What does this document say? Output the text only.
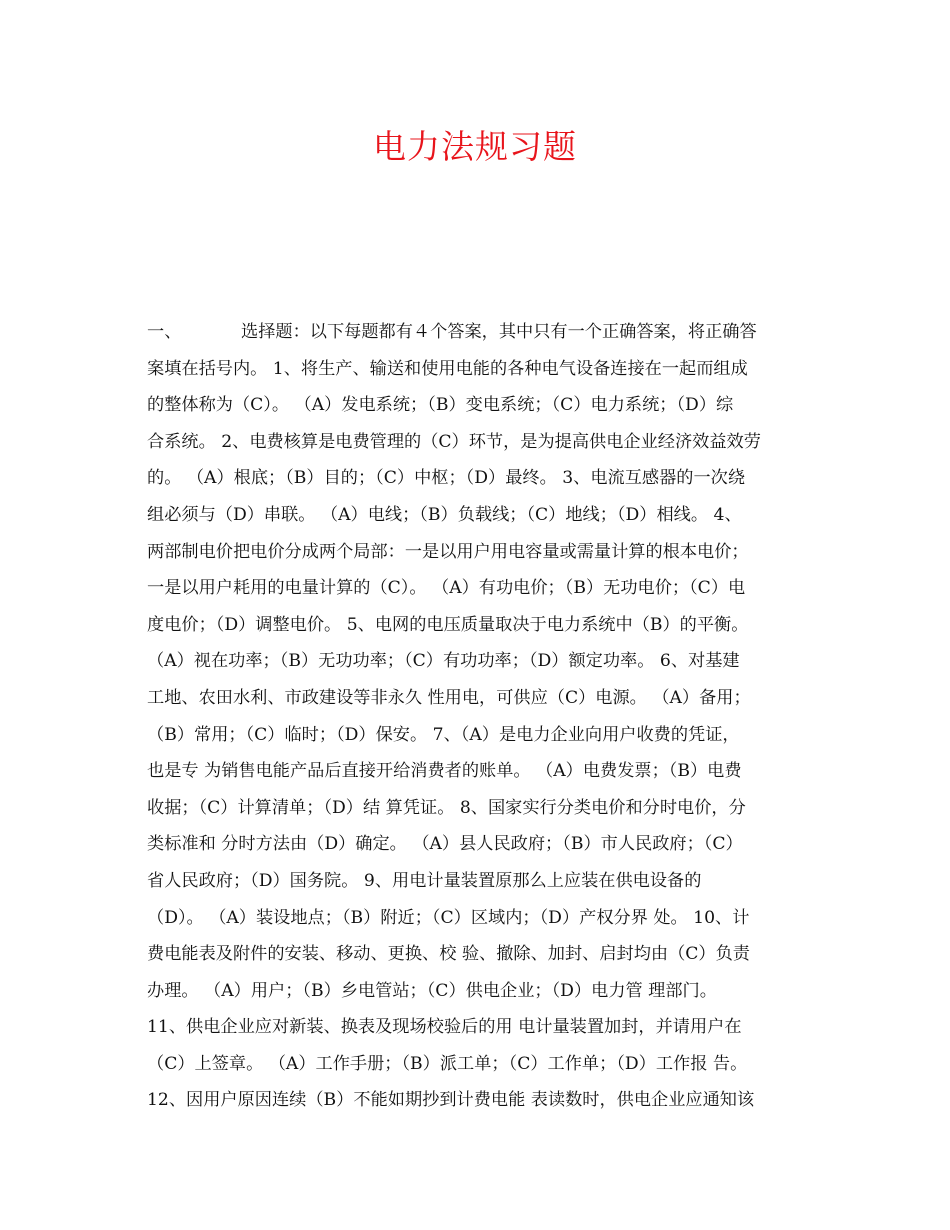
电力法规习题
一、	选择题：以下每题都有４个答案，其中只有一个正确答案，将正确答
案填在括号内。 1、将生产、输送和使用电能的各种电气设备连接在一起而组成
的整体称为（C）。 （A）发电系统；（B）变电系统；（C）电力系统；（D）综
合系统。 2、电费核算是电费管理的（C）环节，是为提高供电企业经济效益效劳
的。 （A）根底；（B）目的；（C）中枢；（D）最终。 3、电流互感器的一次绕
组必须与（D）串联。 （A）电线；（B）负载线；（C）地线；（D）相线。 4、
两部制电价把电价分成两个局部：一是以用户用电容量或需量计算的根本电价；
一是以用户耗用的电量计算的（C）。 （A）有功电价；（B）无功电价；（C）电
度电价；（D）调整电价。 5、电网的电压质量取决于电力系统中（B）的平衡。
（A）视在功率；（B）无功功率；（C）有功功率；（D）额定功率。 6、对基建
工地、农田水利、市政建设等非永久 性用电，可供应（C）电源。 （A）备用；
（B）常用；（C）临时；（D）保安。 7、（A）是电力企业向用户收费的凭证，
也是专 为销售电能产品后直接开给消费者的账单。 （A）电费发票；（B）电费
收据；（C）计算清单；（D）结 算凭证。 8、国家实行分类电价和分时电价，分
类标准和 分时方法由（D）确定。 （A）县人民政府；（B）市人民政府；（C）
省人民政府；（D）国务院。 9、用电计量装置原那么上应装在供电设备的
（D）。 （A）装设地点；（B）附近；（C）区域内；（D）产权分界 处。 10、计
费电能表及附件的安装、移动、更换、校 验、撤除、加封、启封均由（C）负责
办理。 （A）用户；（B）乡电管站；（C）供电企业；（D）电力管 理部门。
11、供电企业应对新装、换表及现场校验后的用 电计量装置加封，并请用户在
（C）上签章。 （A）工作手册；（B）派工单；（C）工作单；（D）工作报 告。
12、因用户原因连续（B）不能如期抄到计费电能 表读数时，供电企业应通知该
